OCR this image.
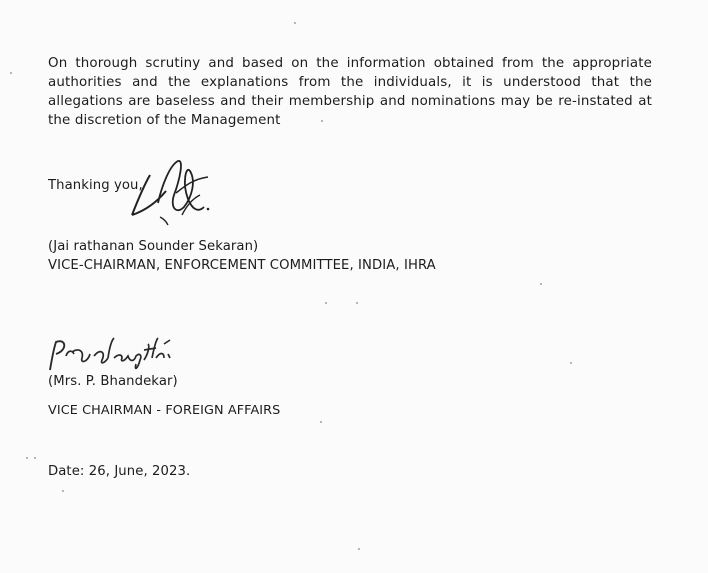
On thorough scrutiny and based on the information obtained from the appropriate authorities and the explanations from the individuals, it is understood that the allegations are baseless and their membership and nominations may be re-instated at the discretion of the Management

Thanking you,
(Jai rathanan Sounder Sekaran)
VICE-CHAIRMAN, ENFORCEMENT COMMITTEE, INDIA, IHRA
(Mrs. P. Bhandekar)
VICE CHAIRMAN - FOREIGN AFFAIRS
Date: 26, June, 2023.
